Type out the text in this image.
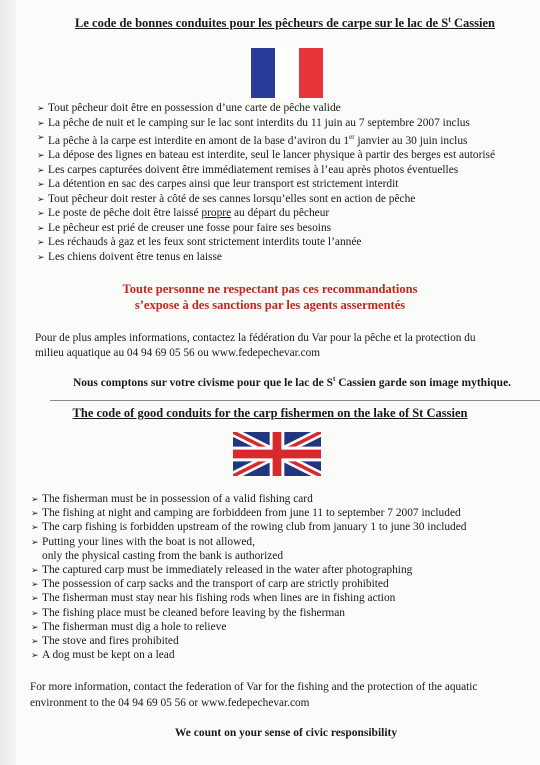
Le code de bonnes conduites pour les pêcheurs de carpe sur le lac de $S^t$ Cassien
➢ Tout pêcheur doit être en possession d’une carte de pêche valide
➢ La pêche de nuit et le camping sur le lac sont interdits du 11 juin au 7 septembre 2007 inclus
➢ La pêche à la carpe est interdite en amont de la base d’aviron du 1er janvier au 30 juin inclus
➢ La dépose des lignes en bateau est interdite, seul le lancer physique à partir des berges est autorisé
➢ Les carpes capturées doivent être immédiatement remises à l’eau après photos éventuelles
➢ La détention en sac des carpes ainsi que leur transport est strictement interdit
➢ Tout pêcheur doit rester à côté de ses cannes lorsqu’elles sont en action de pêche
➢ Le poste de pêche doit être laissé propre au départ du pêcheur
➢ Le pêcheur est prié de creuser une fosse pour faire ses besoins
➢ Les réchauds à gaz et les feux sont strictement interdits toute l’année
➢ Les chiens doivent être tenus en laisse
Toute personne ne respectant pas ces recommandations
s’expose à des sanctions par les agents assermentés
Pour de plus amples informations, contactez la fédération du Var pour la pêche et la protection du milieu aquatique au 04 94 69 05 56 ou www.fedepechevar.com
Nous comptons sur votre civisme pour que le lac de $S^t$ Cassien garde son image mythique.
The code of good conduits for the carp fishermen on the lake of St Cassien
➢ The fisherman must be in possession of a valid fishing card
➢ The fishing at night and camping are forbiddeen from june 11 to september 7 2007 included
➢ The carp fishing is forbidden upstream of the rowing club from january 1 to june 30 included
➢ Putting your lines with the boat is not allowed,
only the physical casting from the bank is authorized
➢ The captured carp must be immediately released in the water after photographing
➢ The possession of carp sacks and the transport of carp are strictly prohibited
➢ The fisherman must stay near his fishing rods when lines are in fishing action
➢ The fishing place must be cleaned before leaving by the fisherman
➢ The fisherman must dig a hole to relieve
➢ The stove and fires prohibited
➢ A dog must be kept on a lead
For more information, contact the federation of Var for the fishing and the protection of the aquatic environment to the 04 94 69 05 56 or www.fedepechevar.com
We count on your sense of civic responsibility
